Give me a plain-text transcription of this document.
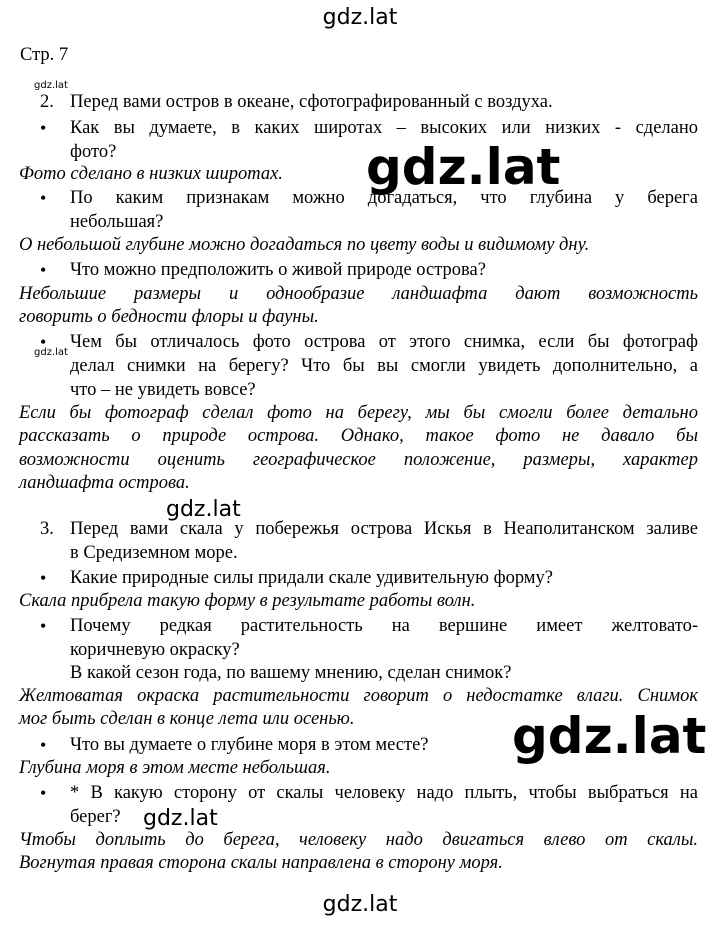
gdz.lat
gdz.lat
gdz.lat
Стр. 7
2. Перед вами остров в океане, сфотографированный с воздуха.
• Как вы думаете, в каких широтах – высоких или низких - сделано
фото?
Фото сделано в низких широтах.
• По каким признакам можно догадаться, что глубина у берега
небольшая?
О небольшой глубине можно догадаться по цвету воды и видимому дну.
• Что можно предположить о живой природе острова?
Небольшие размеры и однообразие ландшафта дают возможность
говорить о бедности флоры и фауны.
• Чем бы отличалось фото острова от этого снимка, если бы фотограф
делал снимки на берегу? Что бы вы смогли увидеть дополнительно, а
что – не увидеть вовсе?
Если бы фотограф сделал фото на берегу, мы бы смогли более детально
рассказать о природе острова. Однако, такое фото не давало бы
возможности оценить географическое положение, размеры, характер
ландшафта острова.
3. Перед вами скала у побережья острова Искья в Неаполитанском заливе
в Средиземном море.
• Какие природные силы придали скале удивительную форму?
Скала прибрела такую форму в результате работы волн.
• Почему редкая растительность на вершине имеет желтовато-
коричневую окраску?
В какой сезон года, по вашему мнению, сделан снимок?
Желтоватая окраска растительности говорит о недостатке влаги. Снимок
мог быть сделан в конце лета или осенью.
• Что вы думаете о глубине моря в этом месте?
Глубина моря в этом месте небольшая.
• * В какую сторону от скалы человеку надо плыть, чтобы выбраться на
берег?
Чтобы доплыть до берега, человеку надо двигаться влево от скалы.
Вогнутая правая сторона скалы направлена в сторону моря.
gdz.lat
gdz.lat
gdz.lat
gdz.lat
gdz.lat
